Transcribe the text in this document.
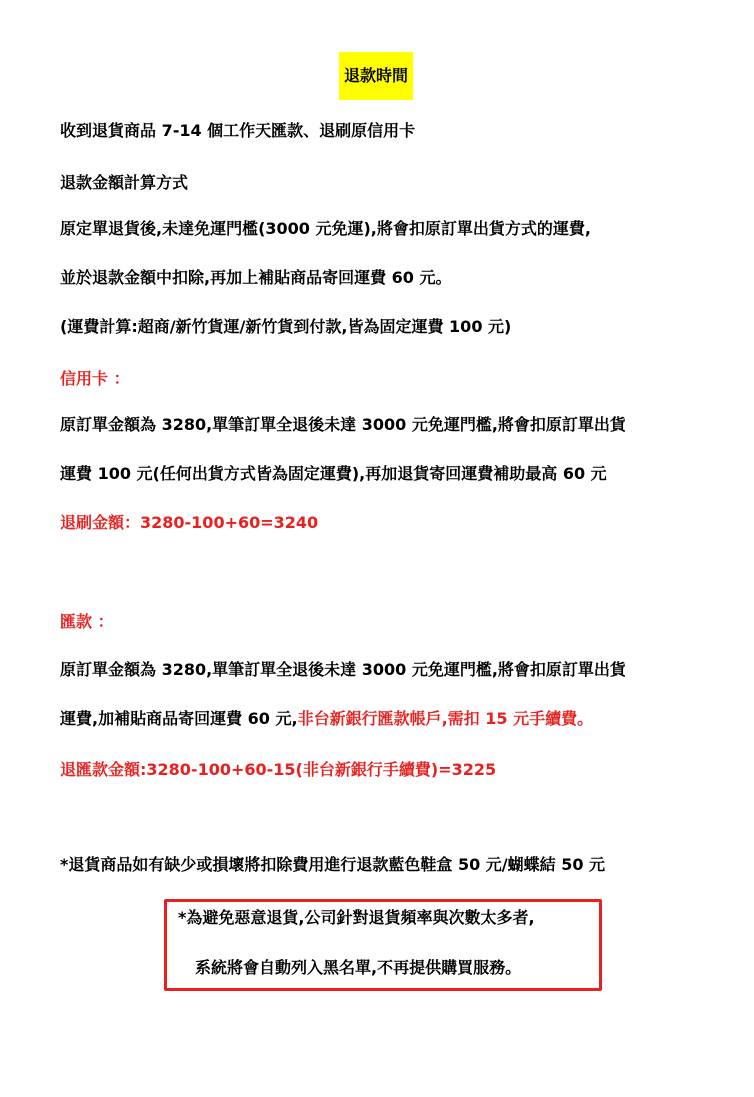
退款時間
收到退貨商品 7-14 個工作天匯款、退刷原信用卡
退款金額計算方式
原定單退貨後,未達免運門檻(3000 元免運),將會扣原訂單出貨方式的運費,
並於退款金額中扣除,再加上補貼商品寄回運費 60 元。
(運費計算:超商/新竹貨運/新竹貨到付款,皆為固定運費 100 元)
信用卡 ：
原訂單金額為 3280,單筆訂單全退後未達 3000 元免運門檻,將會扣原訂單出貨
運費 100 元(任何出貨方式皆為固定運費),再加退貨寄回運費補助最高 60 元
退刷金額：3280-100+60=3240
匯款 ：
原訂單金額為 3280,單筆訂單全退後未達 3000 元免運門檻,將會扣原訂單出貨
運費,加補貼商品寄回運費 60 元,非台新銀行匯款帳戶,需扣 15 元手續費。
退匯款金額:3280-100+60-15(非台新銀行手續費)=3225
*退貨商品如有缺少或損壞將扣除費用進行退款藍色鞋盒 50 元/蝴蝶結 50 元
*為避免惡意退貨,公司針對退貨頻率與次數太多者,
系統將會自動列入黑名單,不再提供購買服務。
